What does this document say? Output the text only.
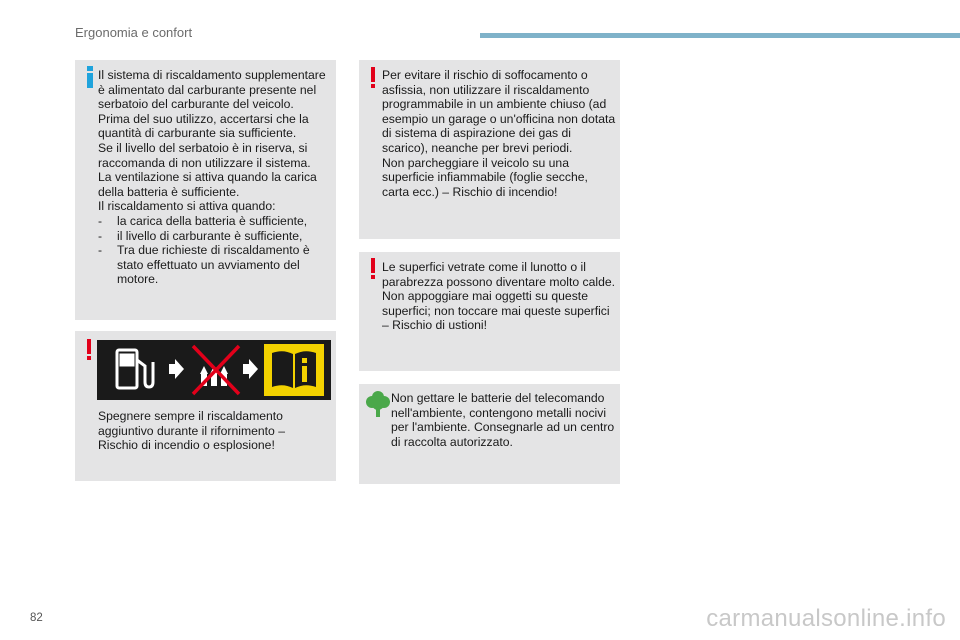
Ergonomia e confort

Il sistema di riscaldamento supplementare è alimentato dal carburante presente nel serbatoio del carburante del veicolo.

Prima del suo utilizzo, accertarsi che la quantità di carburante sia sufficiente.

Se il livello del serbatoio è in riserva, si raccomanda di non utilizzare il sistema.

La ventilazione si attiva quando la carica della batteria è sufficiente.

Il riscaldamento si attiva quando:

- la carica della batteria è sufficiente,
- il livello di carburante è sufficiente,
- Tra due richieste di riscaldamento è stato effettuato un avviamento del motore.
Spegnere sempre il riscaldamento aggiuntivo durante il rifornimento – Rischio di incendio o esplosione!

Per evitare il rischio di soffocamento o asfissia, non utilizzare il riscaldamento programmabile in un ambiente chiuso (ad esempio un garage o un'officina non dotata di sistema di aspirazione dei gas di scarico), neanche per brevi periodi.

Non parcheggiare il veicolo su una superficie infiammabile (foglie secche, carta ecc.) – Rischio di incendio!

Le superfici vetrate come il lunotto o il parabrezza possono diventare molto calde.

Non appoggiare mai oggetti su queste superfici; non toccare mai queste superfici – Rischio di ustioni!

Non gettare le batterie del telecomando nell'ambiente, contengono metalli nocivi per l'ambiente. Consegnarle ad un centro di raccolta autorizzato.
82	carmanualsonline.info
